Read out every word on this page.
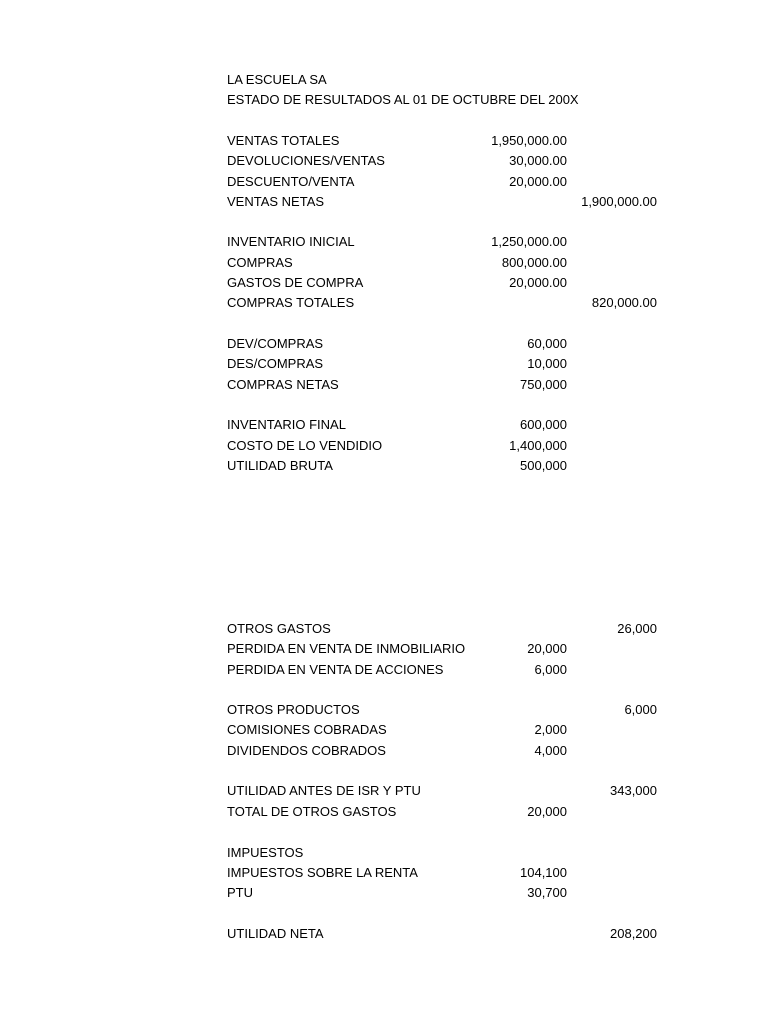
LA ESCUELA SA
ESTADO DE RESULTADOS AL 01 DE OCTUBRE DEL 200X
VENTAS TOTALES	1,950,000.00
DEVOLUCIONES/VENTAS	30,000.00
DESCUENTO/VENTA	20,000.00
VENTAS NETAS	1,900,000.00
INVENTARIO INICIAL	1,250,000.00
COMPRAS	800,000.00
GASTOS DE COMPRA	20,000.00
COMPRAS TOTALES	820,000.00
DEV/COMPRAS	60,000
DES/COMPRAS	10,000
COMPRAS NETAS	750,000
INVENTARIO FINAL	600,000
COSTO DE LO VENDIDIO	1,400,000
UTILIDAD BRUTA	500,000
OTROS GASTOS	26,000
PERDIDA EN VENTA DE INMOBILIARIO	20,000
PERDIDA EN VENTA DE ACCIONES	6,000
OTROS PRODUCTOS	6,000
COMISIONES COBRADAS	2,000
DIVIDENDOS COBRADOS	4,000
UTILIDAD ANTES DE ISR Y PTU	343,000
TOTAL DE OTROS GASTOS	20,000
IMPUESTOS
IMPUESTOS SOBRE LA RENTA	104,100
PTU	30,700
UTILIDAD NETA	208,200
